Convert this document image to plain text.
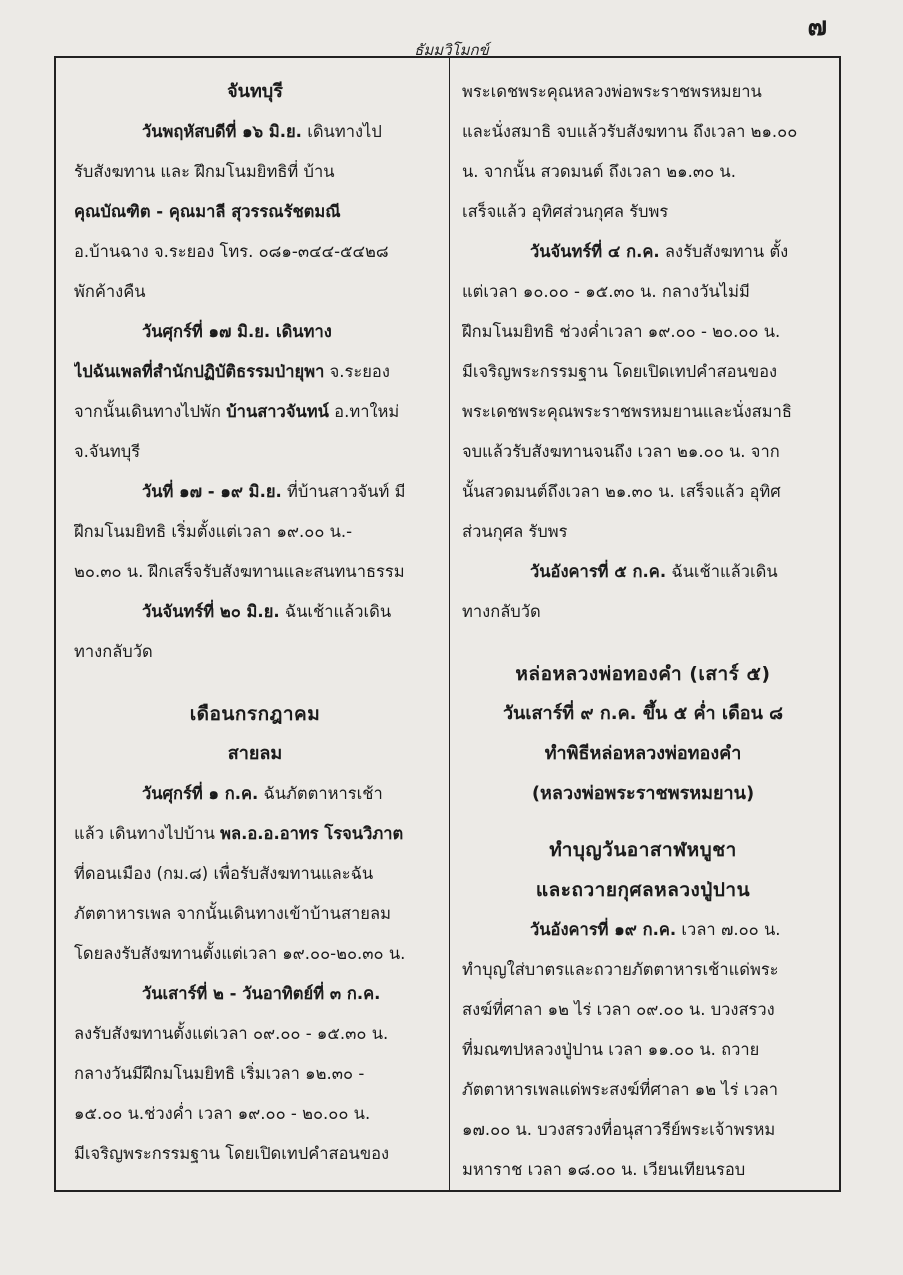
๗
ธัมมวิโมกข์
จันทบุรี
วันพฤหัสบดีที่ ๑๖ มิ.ย. เดินทางไป
รับสังฆทาน และ ฝึกมโนมยิทธิที่ บ้าน
คุณบัณฑิต - คุณมาลี สุวรรณรัชตมณี
อ.บ้านฉาง จ.ระยอง โทร. ๐๘๑-๓๔๔-๕๔๒๘
พักค้างคืน
วันศุกร์ที่ ๑๗ มิ.ย. เดินทาง
ไปฉันเพลที่สำนักปฏิบัติธรรมป่ายุพา จ.ระยอง
จากนั้นเดินทางไปพัก บ้านสาวจันทน์ อ.ทาใหม่
จ.จันทบุรี
วันที่ ๑๗ - ๑๙ มิ.ย. ที่บ้านสาวจันท์ มี
ฝึกมโนมยิทธิ เริ่มตั้งแต่เวลา ๑๙.๐๐ น.-
๒๐.๓๐ น. ฝึกเสร็จรับสังฆทานและสนทนาธรรม
วันจันทร์ที่ ๒๐ มิ.ย. ฉันเช้าแล้วเดิน
ทางกลับวัด
เดือนกรกฎาคม
สายลม
วันศุกร์ที่ ๑ ก.ค. ฉันภัตตาหารเช้า
แล้ว เดินทางไปบ้าน พล.อ.อ.อาทร โรจนวิภาต
ที่ดอนเมือง (กม.๘) เพื่อรับสังฆทานและฉัน
ภัตตาหารเพล จากนั้นเดินทางเข้าบ้านสายลม
โดยลงรับสังฆทานตั้งแต่เวลา ๑๙.๐๐-๒๐.๓๐ น.
วันเสาร์ที่ ๒ - วันอาทิตย์ที่ ๓ ก.ค.
ลงรับสังฆทานตั้งแต่เวลา ๐๙.๐๐ - ๑๕.๓๐ น.
กลางวันมีฝึกมโนมยิทธิ เริ่มเวลา ๑๒.๓๐ -
๑๕.๐๐ น.ช่วงค่ำ เวลา ๑๙.๐๐ - ๒๐.๐๐ น.
มีเจริญพระกรรมฐาน โดยเปิดเทปคำสอนของ
พระเดชพระคุณหลวงพ่อพระราชพรหมยาน
และนั่งสมาธิ จบแล้วรับสังฆทาน ถึงเวลา ๒๑.๐๐
น. จากนั้น สวดมนต์ ถึงเวลา ๒๑.๓๐ น.
เสร็จแล้ว อุทิศส่วนกุศล รับพร
วันจันทร์ที่ ๔ ก.ค. ลงรับสังฆทาน ตั้ง
แต่เวลา ๑๐.๐๐ - ๑๕.๓๐ น. กลางวันไม่มี
ฝึกมโนมยิทธิ ช่วงค่ำเวลา ๑๙.๐๐ - ๒๐.๐๐ น.
มีเจริญพระกรรมฐาน โดยเปิดเทปคำสอนของ
พระเดชพระคุณพระราชพรหมยานและนั่งสมาธิ
จบแล้วรับสังฆทานจนถึง เวลา ๒๑.๐๐ น. จาก
นั้นสวดมนต์ถึงเวลา ๒๑.๓๐ น. เสร็จแล้ว อุทิศ
ส่วนกุศล รับพร
วันอังคารที่ ๕ ก.ค. ฉันเช้าแล้วเดิน
ทางกลับวัด
หล่อหลวงพ่อทองคำ (เสาร์ ๕)
วันเสาร์ที่ ๙ ก.ค. ขึ้น ๕ ค่ำ เดือน ๘
ทำพิธีหล่อหลวงพ่อทองคำ
(หลวงพ่อพระราชพรหมยาน)
ทำบุญวันอาสาฬหบูชา
และถวายกุศลหลวงปู่ปาน
วันอังคารที่ ๑๙ ก.ค. เวลา ๗.๐๐ น.
ทำบุญใส่บาตรและถวายภัตตาหารเช้าแด่พระ
สงฆ์ที่ศาลา ๑๒ ไร่ เวลา ๐๙.๐๐ น. บวงสรวง
ที่มณฑปหลวงปู่ปาน เวลา ๑๑.๐๐ น. ถวาย
ภัตตาหารเพลแด่พระสงฆ์ที่ศาลา ๑๒ ไร่ เวลา
๑๗.๐๐ น. บวงสรวงที่อนุสาวรีย์พระเจ้าพรหม
มหาราช เวลา ๑๘.๐๐ น. เวียนเทียนรอบ
